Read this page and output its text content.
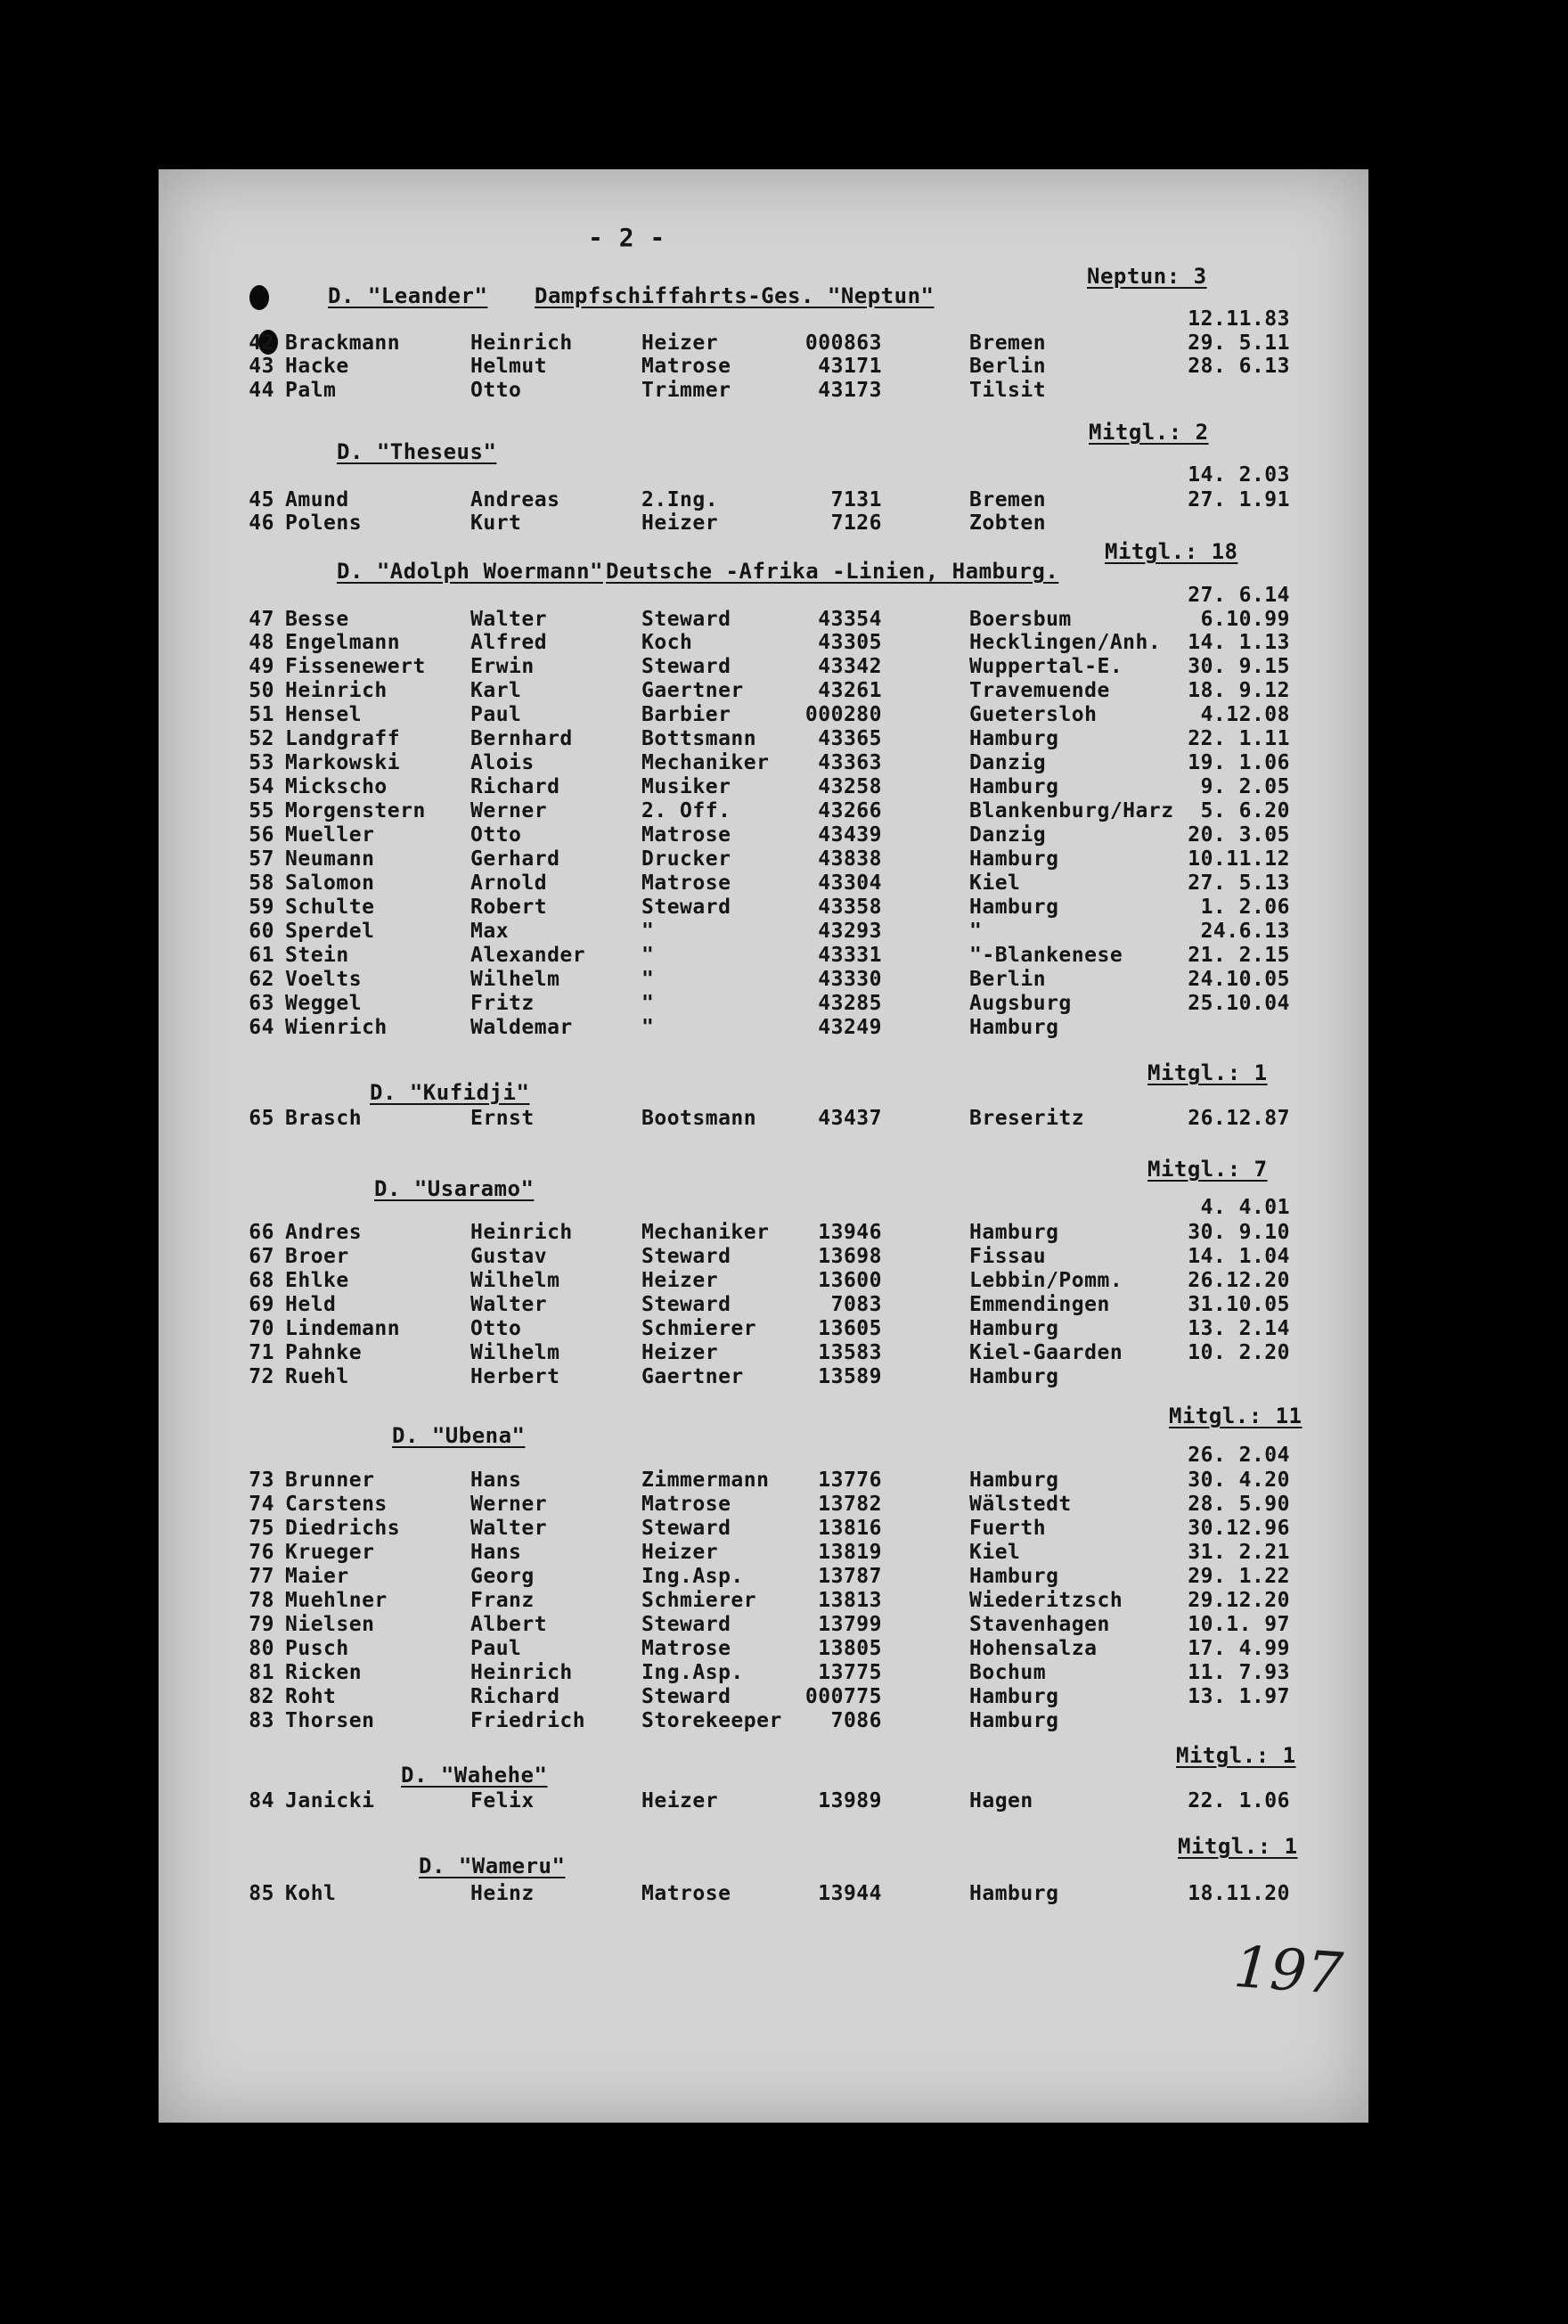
- 2 -
197
D. "Leander" Dampfschiffahrts-Ges. "Neptun"
Neptun: 3
12.11.83
42 Brackmann	Heinrich	Heizer	000863	Bremen	29. 5.11
43 Hacke	Helmut	Matrose	43171	Berlin	28. 6.13
44 Palm	Otto	Trimmer	43173	Tilsit
D. "Theseus"
Mitgl.: 2
14. 2.03
45 Amund	Andreas	2.Ing.	7131	Bremen	27. 1.91
46 Polens	Kurt	Heizer	7126	Zobten
D. "Adolph Woermann" Deutsche -Afrika -Linien, Hamburg.
Mitgl.: 18
27. 6.14
47 Besse	Walter	Steward	43354	Boersbum	6.10.99
48 Engelmann	Alfred	Koch	43305	Hecklingen/Anh.	14. 1.13
49 Fissenewert Erwin	Steward	43342	Wuppertal-E.	30. 9.15
50 Heinrich	Karl	Gaertner	43261	Travemuende	18. 9.12
51 Hensel	Paul	Barbier	000280	Guetersloh	4.12.08
52 Landgraff	Bernhard	Bottsmann	43365	Hamburg	22. 1.11
53 Markowski	Alois	Mechaniker	43363	Danzig	19. 1.06
54 Mickscho	Richard	Musiker	43258	Hamburg	9. 2.05
55 Morgenstern Werner	2. Off.	43266	Blankenburg/Harz	5. 6.20
56 Mueller	Otto	Matrose	43439	Danzig	20. 3.05
57 Neumann	Gerhard	Drucker	43838	Hamburg	10.11.12
58 Salomon	Arnold	Matrose	43304	Kiel	27. 5.13
59 Schulte	Robert	Steward	43358	Hamburg	1. 2.06
60 Sperdel	Max	"	43293	"	24.6.13
61 Stein	Alexander	"	43331	"-Blankenese	21. 2.15
62 Voelts	Wilhelm	"	43330	Berlin	24.10.05
63 Weggel	Fritz	"	43285	Augsburg	25.10.04
64 Wienrich	Waldemar	"	43249	Hamburg
D. "Kufidji"
Mitgl.: 1
65 Brasch	Ernst	Bootsmann	43437	Breseritz	26.12.87
D. "Usaramo"
Mitgl.: 7
4. 4.01
66 Andres	Heinrich	Mechaniker	13946	Hamburg	30. 9.10
67 Broer	Gustav	Steward	13698	Fissau	14. 1.04
68 Ehlke	Wilhelm	Heizer	13600	Lebbin/Pomm.	26.12.20
69 Held	Walter	Steward	7083	Emmendingen	31.10.05
70 Lindemann	Otto	Schmierer	13605	Hamburg	13. 2.14
71 Pahnke	Wilhelm	Heizer	13583	Kiel-Gaarden	10. 2.20
72 Ruehl	Herbert	Gaertner	13589	Hamburg
D. "Ubena"
Mitgl.: 11
26. 2.04
73 Brunner	Hans	Zimmermann	13776	Hamburg	30. 4.20
74 Carstens	Werner	Matrose	13782	Wälstedt	28. 5.90
75 Diedrichs	Walter	Steward	13816	Fuerth	30.12.96
76 Krueger	Hans	Heizer	13819	Kiel	31. 2.21
77 Maier	Georg	Ing.Asp.	13787	Hamburg	29. 1.22
78 Muehlner	Franz	Schmierer	13813	Wiederitzsch	29.12.20
79 Nielsen	Albert	Steward	13799	Stavenhagen	10.1. 97
80 Pusch	Paul	Matrose	13805	Hohensalza	17. 4.99
81 Ricken	Heinrich	Ing.Asp.	13775	Bochum	11. 7.93
82 Roht	Richard	Steward	000775	Hamburg	13. 1.97
83 Thorsen	Friedrich	Storekeeper	7086	Hamburg
D. "Wahehe"
Mitgl.: 1
84 Janicki	Felix	Heizer	13989	Hagen	22. 1.06
D. "Wameru"
Mitgl.: 1
85 Kohl	Heinz	Matrose	13944	Hamburg	18.11.20
